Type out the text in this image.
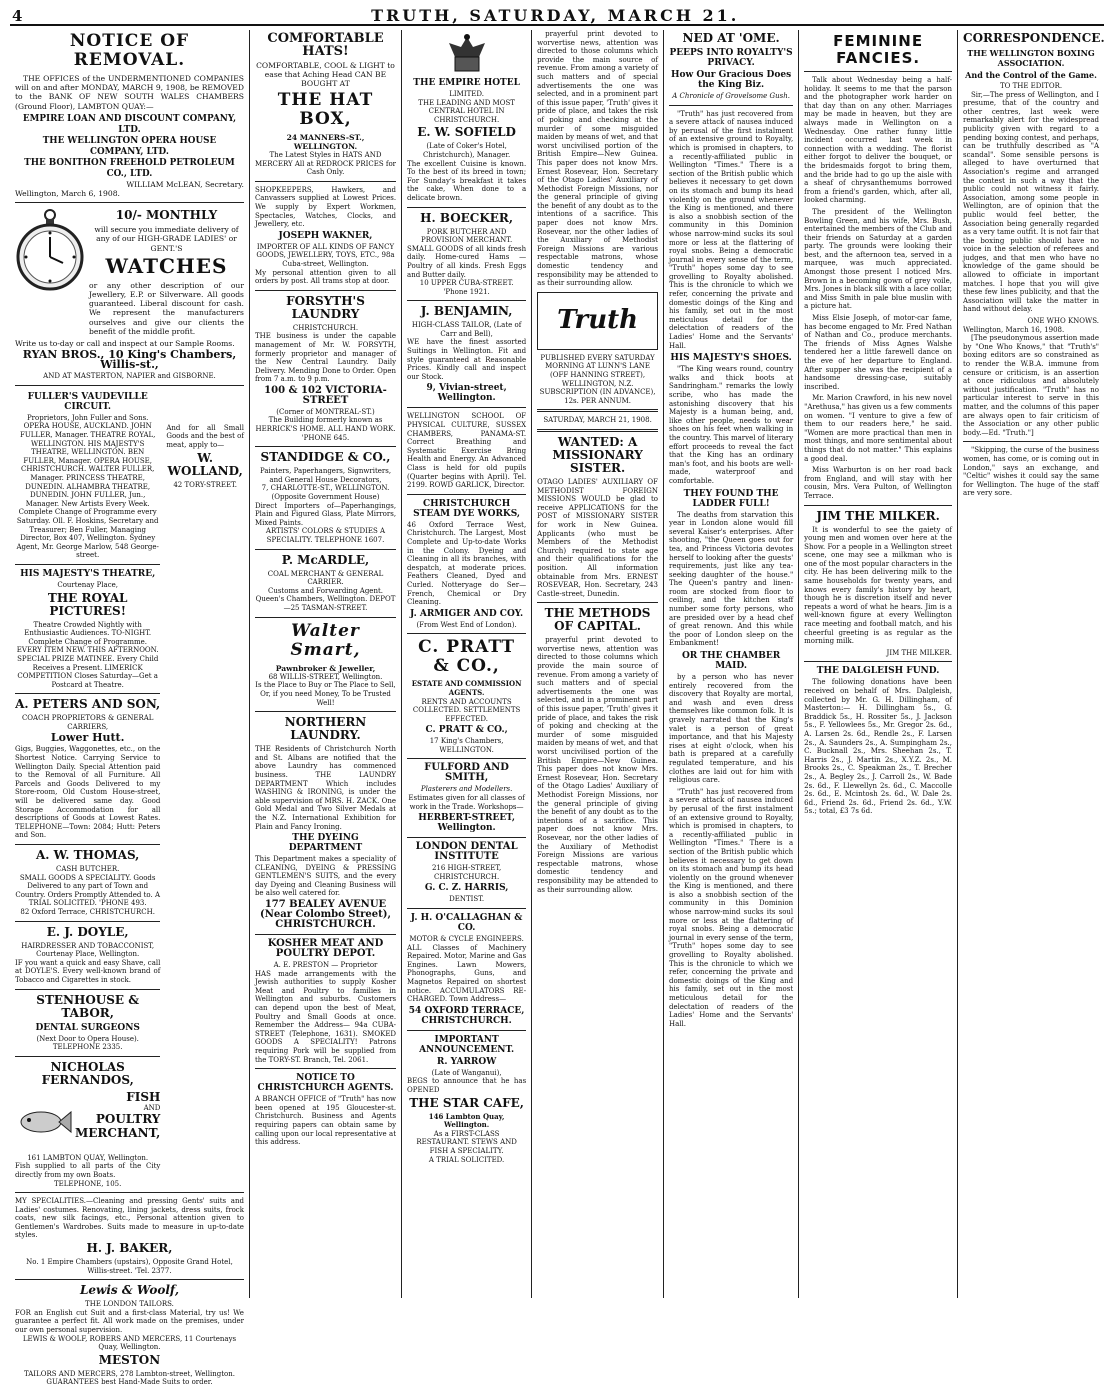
4	TRUTH, SATURDAY, MARCH 21.
NOTICE OF REMOVAL.

THE OFFICES of the UNDERMENTIONED COMPANIES will on and after MONDAY, MARCH 9, 1908, be REMOVED to the BANK OF NEW SOUTH WALES CHAMBERS (Ground Floor), LAMBTON QUAY:—

EMPIRE LOAN AND DISCOUNT COMPANY, LTD.
THE WELLINGTON OPERA HOUSE COMPANY, LTD.
THE BONITHON FREEHOLD PETROLEUM CO., LTD.
WILLIAM McLEAN, Secretary.
Wellington, March 6, 1908.
10/- MONTHLY
will secure you immediate delivery of any of our HIGH-GRADE LADIES' or GENT.'S
WATCHES
or any other description of our Jewellery, E.P. or Silverware. All goods guaranteed. Liberal discount for cash. We represent the manufacturers ourselves and give our clients the benefit of the middle profit.
Write us to-day or call and inspect at our Sample Rooms.
RYAN BROS., 10 King's Chambers, Willis-st.,
AND AT MASTERTON, NAPIER and GISBORNE.
FULLER'S VAUDEVILLE CIRCUIT.
Proprietors, John Fuller and Sons. OPERA HOUSE, AUCKLAND. JOHN FULLER, Manager. THEATRE ROYAL, WELLINGTON. HIS MAJESTY'S THEATRE, WELLINGTON. BEN FULLER, Manager. OPERA HOUSE, CHRISTCHURCH. WALTER FULLER, Manager. PRINCESS THEATRE, DUNEDIN. ALHAMBRA THEATRE, DUNEDIN. JOHN FULLER, Jun., Manager. New Artists Every Week. Complete Change of Programme every Saturday. Oll. F. Hoskins, Secretary and Treasurer; Ben Fuller, Managing Director, Box 407, Wellington. Sydney Agent, Mr. George Marlow, 548 George-street.
HIS MAJESTY'S THEATRE,
Courtenay Place,
THE ROYAL PICTURES!
Theatre Crowded Nightly with Enthusiastic Audiences. TO-NIGHT. Complete Change of Programme. EVERY ITEM NEW. THIS AFTERNOON. SPECIAL PRIZE MATINEE. Every Child Receives a Present. LIMERICK COMPETITION Closes Saturday—Get a Postcard at Theatre.
A. PETERS AND SON,
COACH PROPRIETORS & GENERAL CARRIERS,
Lower Hutt.
Gigs, Buggies, Waggonettes, etc., on the Shortest Notice. Carrying Service to Wellington Daily. Special Attention paid to the Removal of all Furniture. All Parcels and Goods Delivered to my Store-room, Old Custom House-street, will be delivered same day. Good Storage Accommodation for all descriptions of Goods at Lowest Rates. TELEPHONE—Town: 2084; Hutt: Peters and Son.
A. W. THOMAS,
CASH BUTCHER.
SMALL GOODS A SPECIALITY. Goods Delivered to any part of Town and Country. Orders Promptly Attended to. A TRIAL SOLICITED. 'PHONE 493.
82 Oxford Terrace, CHRISTCHURCH.
E. J. DOYLE,
HAIRDRESSER AND TOBACCONIST, Courtenay Place, Wellington.
IF you want a quick and easy Shave, call at DOYLE'S. Every well-known brand of Tobacco and Cigarettes in stock.
STENHOUSE & TABOR,
DENTAL SURGEONS
(Next Door to Opera House).
TELEPHONE 2335.
NICHOLAS FERNANDOS,
FISH
AND
POULTRY
MERCHANT,
161 LAMBTON QUAY, Wellington.
Fish supplied to all parts of the City directly from my own Boats.
TELEPHONE, 105.
And for all Small Goods and the best of meat, apply to—
W. WOLLAND,
42 TORY-STREET.
MY SPECIALITIES.—Cleaning and pressing Gents' suits and Ladies' costumes. Renovating, lining jackets, dress suits, frock coats, new silk facings, etc., Personal attention given to Gentlemen's Wardrobes. Suits made to measure in up-to-date styles.
H. J. BAKER,
No. 1 Empire Chambers (upstairs), Opposite Grand Hotel, Willis-street. 'Tel. 2377.
Lewis & Woolf,
THE LONDON TAILORS.
FOR an English cut Suit and a first-class Material, try us! We guarantee a perfect fit. All work made on the premises, under our own personal supervision.
LEWIS & WOOLF, ROBERS AND MERCERS, 11 Courtenays Quay, Wellington.
MESTON
TAILORS AND MERCERS, 278 Lambton-street, Wellington. GUARANTEES best Hand-Made Suits to order.
COMFORTABLE HATS!
COMFORTABLE, COOL & LIGHT to ease that Aching Head CAN BE BOUGHT AT
THE HAT BOX,
24 MANNERS-ST., WELLINGTON.
The Latest Styles in HATS AND MERCERY All at REDROCK PRICES for Cash Only.
SHOPKEEPERS, Hawkers, and Canvassers supplied at Lowest Prices. We supply by Expert Workmen, Spectacles, Watches, Clocks, and Jewellery, etc.
JOSEPH WAKNER,
IMPORTER OF ALL KINDS OF FANCY GOODS, JEWELLERY, TOYS, ETC., 98a Cuba-street, Wellington.
My personal attention given to all orders by post. All trams stop at door.
FORSYTH'S LAUNDRY
CHRISTCHURCH.
THE business is under the capable management of Mr. W. FORSYTH, formerly proprietor and manager of the New Central Laundry. Daily Delivery. Mending Done to Order. Open from 7 a.m. to 9 p.m.
100 & 102 VICTORIA-STREET
(Corner of MONTREAL-ST.)
The Building formerly known as HERRICK'S HOME. ALL HAND WORK. 'PHONE 645.
STANDIDGE & CO.,
Painters, Paperhangers, Signwriters, and General House Decorators,
7, CHARLOTTE-ST., WELLINGTON. (Opposite Government House)
Direct Importers of—Paperhangings, Plain and Figured Glass, Plate Mirrors, Mixed Paints.
ARTISTS' COLORS & STUDIES A SPECIALITY. TELEPHONE 1607.
P. McARDLE,
COAL MERCHANT & GENERAL CARRIER.
Customs and Forwarding Agent. Queen's Chambers, Wellington. DEPOT—25 TASMAN-STREET.
Walter Smart,
Pawnbroker & Jeweller,
68 WILLIS-STREET, Wellington.
Is the Place to Buy or The Place to Sell, Or, if you need Money, To be Trusted Well!
NORTHERN LAUNDRY.
THE Residents of Christchurch North and St. Albans are notified that the above Laundry has commenced business. THE LAUNDRY DEPARTMENT Which includes WASHING & IRONING, is under the able supervision of MRS. H. ZACK. One Gold Medal and Two Silver Medals at the N.Z. International Exhibition for Plain and Fancy Ironing.
THE DYEING DEPARTMENT
This Department makes a speciality of CLEANING, DYEING & PRESSING GENTLEMEN'S SUITS, and the every day Dyeing and Cleaning Business will be also well catered for.
177 BEALEY AVENUE (Near Colombo Street), CHRISTCHURCH.
KOSHER MEAT AND POULTRY DEPOT.
A. E. PRESTON — Proprietor
HAS made arrangements with the Jewish authorities to supply Kosher Meat and Poultry to families in Wellington and suburbs. Customers can depend upon the best of Meat, Poultry and Small Goods at once. Remember the Address— 94a CUBA-STREET (Telephone, 1631). SMOKED GOODS A SPECIALITY! Patrons requiring Pork will be supplied from the TORY-ST. Branch, Tel. 2061.
NOTICE TO CHRISTCHURCH AGENTS.
A BRANCH OFFICE of "Truth" has now been opened at 195 Gloucester-st. Christchurch. Business and Agents requiring papers can obtain same by calling upon our local representative at this address.
THE EMPIRE HOTEL
LIMITED.
THE LEADING AND MOST CENTRAL HOTEL IN CHRISTCHURCH.
E. W. SOFIELD
(Late of Coker's Hotel, Christchurch), Manager.
The excellent Cuisine is known. To the best of its breed in town; For Sunday's breakfast it takes the cake, When done to a delicate brown.
H. BOECKER,
PORK BUTCHER AND PROVISION MERCHANT.
SMALL GOODS of all kinds fresh daily. Home-cured Hams — Poultry of all kinds. Fresh Eggs and Butter daily.
10 UPPER CUBA-STREET. 'Phone 1921.
J. BENJAMIN,
HIGH-CLASS TAILOR, (Late of Carr and Bell),
WE have the finest assorted Suitings in Wellington. Fit and style guaranteed at Reasonable Prices. Kindly call and inspect our Stock.
9, Vivian-street, Wellington.
WELLINGTON SCHOOL OF PHYSICAL CULTURE, SUSSEX CHAMBERS, PANAMA-ST. Correct Breathing and Systematic Exercise Bring Health and Energy. An Advanced Class is held for old pupils (Quarter begins with April). Tel. 2199. ROWD GARLICK, Director.
CHRISTCHURCH STEAM DYE WORKS,
46 Oxford Terrace West, Christchurch. The Largest, Most Complete and Up-to-date Works in the Colony. Dyeing and Cleaning in all its branches, with despatch, at moderate prices. Feathers Cleaned, Dyed and Curled. Notteryage do Ser—French, Chemical or Dry Cleaning.
J. ARMIGER AND COY.
(From West End of London).
C. PRATT & CO.,
ESTATE AND COMMISSION AGENTS.
RENTS AND ACCOUNTS COLLECTED. SETTLEMENTS EFFECTED.
C. PRATT & CO.,
17 King's Chambers, WELLINGTON.
FULFORD AND SMITH,
Plasterers and Modellers.
Estimates given for all classes of work in the Trade. Workshops—
HERBERT-STREET, Wellington.
LONDON DENTAL INSTITUTE
216 HIGH-STREET, CHRISTCHURCH.
G. C. Z. HARRIS,
DENTIST.
J. H. O'CALLAGHAN & CO.
MOTOR & CYCLE ENGINEERS.
ALL Classes of Machinery Repaired. Motor, Marine and Gas Engines. Lawn Mowers, Phonographs, Guns, and Magnetos Repaired on shortest notice. ACCUMULATORS RE-CHARGED. Town Address—
54 OXFORD TERRACE, CHRISTCHURCH.
IMPORTANT ANNOUNCEMENT.
R. YARROW
(Late of Wanganui),
BEGS to announce that he has OPENED
THE STAR CAFE,
146 Lambton Quay, Wellington.
As a FIRST-CLASS RESTAURANT. STEWS AND FISH A SPECIALITY.
A TRIAL SOLICITED.

prayerful print devoted to worvertise news, attention was directed to those columns which provide the main source of revenue. From among a variety of such matters and of special advertisements the one was selected, and in a prominent part of this issue paper, 'Truth' gives it pride of place, and takes the risk of poking and checking at the murder of some misguided maiden by means of wet, and that worst uncivilised portion of the British Empire—New Guinea. This paper does not know Mrs. Ernest Rosevear, Hon. Secretary of the Otago Ladies' Auxiliary of Methodist Foreign Missions, nor the general principle of giving the benefit of any doubt as to the intentions of a sacrifice. This paper does not know Mrs. Rosevear, nor the other ladies of the Auxiliary of Methodist Foreign Missions are various respectable matrons, whose domestic tendency and responsibility may be attended to as their surrounding allow.

Truth
PUBLISHED EVERY SATURDAY MORNING AT LUNN'S LANE (OFF HANNING STREET), WELLINGTON, N.Z. SUBSCRIPTION (IN ADVANCE), 12s. PER ANNUM.
SATURDAY, MARCH 21, 1908.
WANTED: A MISSIONARY SISTER.
OTAGO LADIES' AUXILIARY OF METHODIST FOREIGN MISSIONS WOULD be glad to receive APPLICATIONS for the POST of MISSIONARY SISTER for work in New Guinea. Applicants (who must be Members of the Methodist Church) required to state age and their qualifications for the position. All information obtainable from Mrs. ERNEST ROSEVEAR, Hon. Secretary, 243 Castle-street, Dunedin.
THE METHODS OF CAPITAL.

prayerful print devoted to worvertise news, attention was directed to those columns which provide the main source of revenue. From among a variety of such matters and of special advertisements the one was selected, and in a prominent part of this issue paper, 'Truth' gives it pride of place, and takes the risk of poking and checking at the murder of some misguided maiden by means of wet, and that worst uncivilised portion of the British Empire—New Guinea. This paper does not know Mrs. Ernest Rosevear, Hon. Secretary of the Otago Ladies' Auxiliary of Methodist Foreign Missions, nor the general principle of giving the benefit of any doubt as to the intentions of a sacrifice. This paper does not know Mrs. Rosevear, nor the other ladies of the Auxiliary of Methodist Foreign Missions are various respectable matrons, whose domestic tendency and responsibility may be attended to as their surrounding allow.

NED AT 'OME.
PEEPS INTO ROYALTY'S PRIVACY.
How Our Gracious Does the King Biz.
A Chronicle of Grovelsome Gush.

"Truth" has just recovered from a severe attack of nausea induced by perusal of the first instalment of an extensive ground to Royalty, which is promised in chapters, to a recently-affiliated public in Wellington "Times." There is a section of the British public which believes it necessary to get down on its stomach and bump its head violently on the ground whenever the King is mentioned, and there is also a snobbish section of the community in this Dominion whose narrow-mind sucks its soul more or less at the flattering of royal snobs. Being a democratic journal in every sense of the term, "Truth" hopes some day to see grovelling to Royalty abolished. This is the chronicle to which we refer, concerning the private and domestic doings of the King and his family, set out in the most meticulous detail for the delectation of readers of the Ladies' Home and the Servants' Hall.

HIS MAJESTY'S SHOES.

"The King wears round, country walks and thick boots at Sandringham." remarks the lowly scribe, who has made the astonishing discovery that his Majesty is a human being, and, like other people, needs to wear shoes on his feet when walking in the country. This marvel of literary effort proceeds to reveal the fact that the King has an ordinary man's foot, and his boots are well-made, waterproof and comfortable.

THEY FOUND THE LADDER FULL!

The deaths from starvation this year in London alone would fill several Kaiser's enterprises. After shooting, "the Queen goes out for tea, and Princess Victoria devotes herself to looking after the guests' requirements, just like any tea-seeking daughter of the house." The Queen's pantry and linen-room are stocked from floor to ceiling, and the kitchen staff number some forty persons, who are presided over by a head chef of great renown. And this while the poor of London sleep on the Embankment!

OR THE CHAMBER MAID.

by a person who has never entirely recovered from the discovery that Royalty are mortal, and wash and even dress themselves like common folk. It is gravely narrated that the King's valet is a person of great importance, and that his Majesty rises at eight o'clock, when his bath is prepared at a carefully regulated temperature, and his clothes are laid out for him with religious care.

"Truth" has just recovered from a severe attack of nausea induced by perusal of the first instalment of an extensive ground to Royalty, which is promised in chapters, to a recently-affiliated public in Wellington "Times." There is a section of the British public which believes it necessary to get down on its stomach and bump its head violently on the ground whenever the King is mentioned, and there is also a snobbish section of the community in this Dominion whose narrow-mind sucks its soul more or less at the flattering of royal snobs. Being a democratic journal in every sense of the term, "Truth" hopes some day to see grovelling to Royalty abolished. This is the chronicle to which we refer, concerning the private and domestic doings of the King and his family, set out in the most meticulous detail for the delectation of readers of the Ladies' Home and the Servants' Hall.

FEMININE FANCIES.

Talk about Wednesday being a half-holiday. It seems to me that the parson and the photographer work harder on that day than on any other. Marriages may be made in heaven, but they are always made in Wellington on a Wednesday. One rather funny little incident occurred last week in connection with a wedding. The florist either forgot to deliver the bouquet, or the bridesmaids forgot to bring them, and the bride had to go up the aisle with a sheaf of chrysanthemums borrowed from a friend's garden, which, after all, looked charming.

The president of the Wellington Bowling Green, and his wife, Mrs. Bush, entertained the members of the Club and their friends on Saturday at a garden party. The grounds were looking their best, and the afternoon tea, served in a marquee, was much appreciated. Amongst those present I noticed Mrs. Brown in a becoming gown of grey voile, Mrs. Jones in black silk with a lace collar, and Miss Smith in pale blue muslin with a picture hat.

Miss Elsie Joseph, of motor-car fame, has become engaged to Mr. Fred Nathan of Nathan and Co., produce merchants. The friends of Miss Agnes Walshe tendered her a little farewell dance on the eve of her departure to England. After supper she was the recipient of a handsome dressing-case, suitably inscribed.

Mr. Marion Crawford, in his new novel "Arethusa," has given us a few comments on women. "I venture to give a few of them to our readers here," he said. "Women are more practical than men in most things, and more sentimental about things that do not matter." This explains a good deal.

Miss Warburton is on her road back from England, and will stay with her cousin, Mrs. Vera Pulton, of Wellington Terrace.

JIM THE MILKER.

It is wonderful to see the gaiety of young men and women over here at the Show. For a people in a Wellington street scene, one may see a milkman who is one of the most popular characters in the city. He has been delivering milk to the same households for twenty years, and knows every family's history by heart, though he is discretion itself and never repeats a word of what he hears. Jim is a well-known figure at every Wellington race meeting and football match, and his cheerful greeting is as regular as the morning milk.

JIM THE MILKER.
THE DALGLEISH FUND.

The following donations have been received on behalf of Mrs. Dalgleish, collected by Mr. G. H. Dillingham, of Masterton:— H. Dillingham 5s., G. Braddick 5s., H. Rossiter 5s., J. Jackson 5s., F. Yellowlees 5s., Mr. Gregor 2s. 6d., A. Larsen 2s. 6d., Rendle 2s., F. Larsen 2s., A. Saunders 2s., A. Sumpingham 2s., C. Bucknall 2s., Mrs. Sheehan 2s., T. Harris 2s., J. Martin 2s., X.Y.Z. 2s., M. Brooks 2s., C. Speakman 2s., T. Brecher 2s., A. Begley 2s., J. Carroll 2s., W. Bade 2s. 6d., F. Llewellyn 2s. 6d., C. Maccolle 2s. 6d., E. Mcintosh 2s. 6d., W. Dale 2s. 6d., Friend 2s. 6d., Friend 2s. 6d., Y.W. 5s.; total, £3 7s 6d.

CORRESPONDENCE.
THE WELLINGTON BOXING ASSOCIATION.
And the Control of the Game.
TO THE EDITOR.

Sir,—The press of Wellington, and I presume, that of the country and other centres, last week were remarkably alert for the widespread publicity given with regard to a pending boxing contest, and perhaps, can be truthfully described as "A scandal". Some sensible persons is alleged to have overturned that Association's regime and arranged the contest in such a way that the public could not witness it fairly. Association, among some people in Wellington, are of opinion that the public would feel better, the Association being generally regarded as a very tame outfit. It is not fair that the boxing public should have no voice in the selection of referees and judges, and that men who have no knowledge of the game should be allowed to officiate in important matches. I hope that you will give these few lines publicity, and that the Association will take the matter in hand without delay.

ONE WHO KNOWS.
Wellington, March 16, 1908.

[The pseudonymous assertion made by "One Who Knows," that "Truth's" boxing editors are so constrained as to render the W.B.A. immune from censure or criticism, is an assertion at once ridiculous and absolutely without justification. "Truth" has no particular interest to serve in this matter, and the columns of this paper are always open to fair criticism of the Association or any other public body.—Ed. "Truth."]

"Skipping, the curse of the business women, has come, or is coming out in London," says an exchange, and "Celtic" wishes it could say the same for Wellington. The huge of the staff are very sore.
